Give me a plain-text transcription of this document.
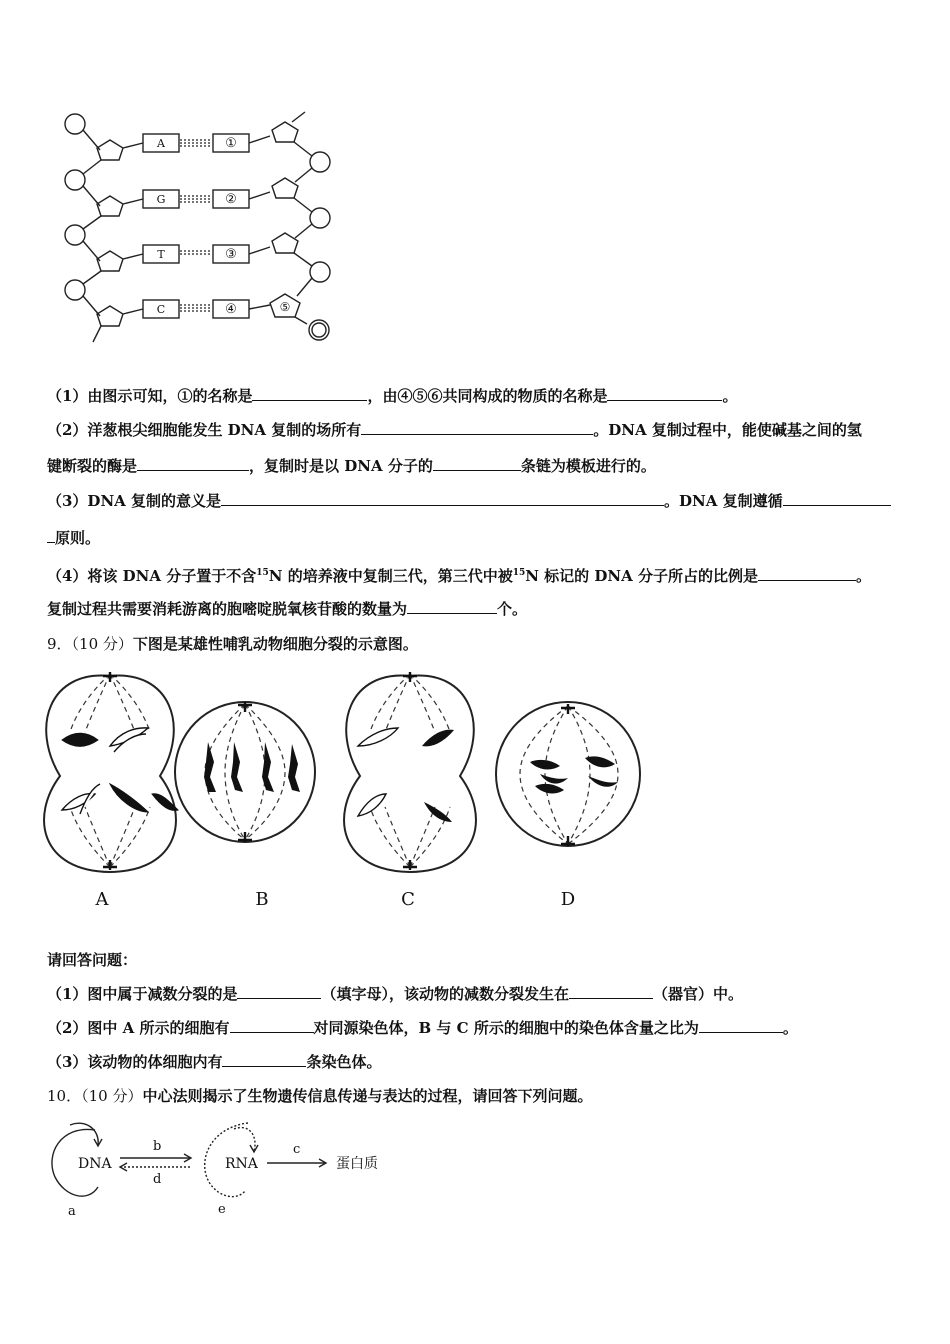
A
G
T
C
①
②
③
④	⑤
（1）由图示可知，①的名称是	，由④⑤⑥共同构成的物质的名称是	。
（2）洋葱根尖细胞能发生 DNA 复制的场所有	。DNA 复制过程中，能使碱基之间的氢
键断裂的酶是	，复制时是以 DNA 分子的	条链为模板进行的。
（3）DNA 复制的意义是	。DNA 复制遵循
原则。
（4）将该 DNA 分子置于不含$^{15}$N 的培养液中复制三代，第三代中被$^{15}$N 标记的 DNA 分子所占的比例是	。
复制过程共需要消耗游离的胞嘧啶脱氧核苷酸的数量为	个。
9．（10 分）下图是某雄性哺乳动物细胞分裂的示意图。
A	B	C	D
请回答问题：
（1）图中属于减数分裂的是	（填字母），该动物的减数分裂发生在	（器官）中。
（2）图中 A 所示的细胞有	对同源染色体，B 与 C 所示的细胞中的染色体含量之比为	。
（3）该动物的体细胞内有	条染色体。
10．（10 分）中心法则揭示了生物遗传信息传递与表达的过程，请回答下列问题。
DNA	RNA	蛋白质
b
d
c
a	e
